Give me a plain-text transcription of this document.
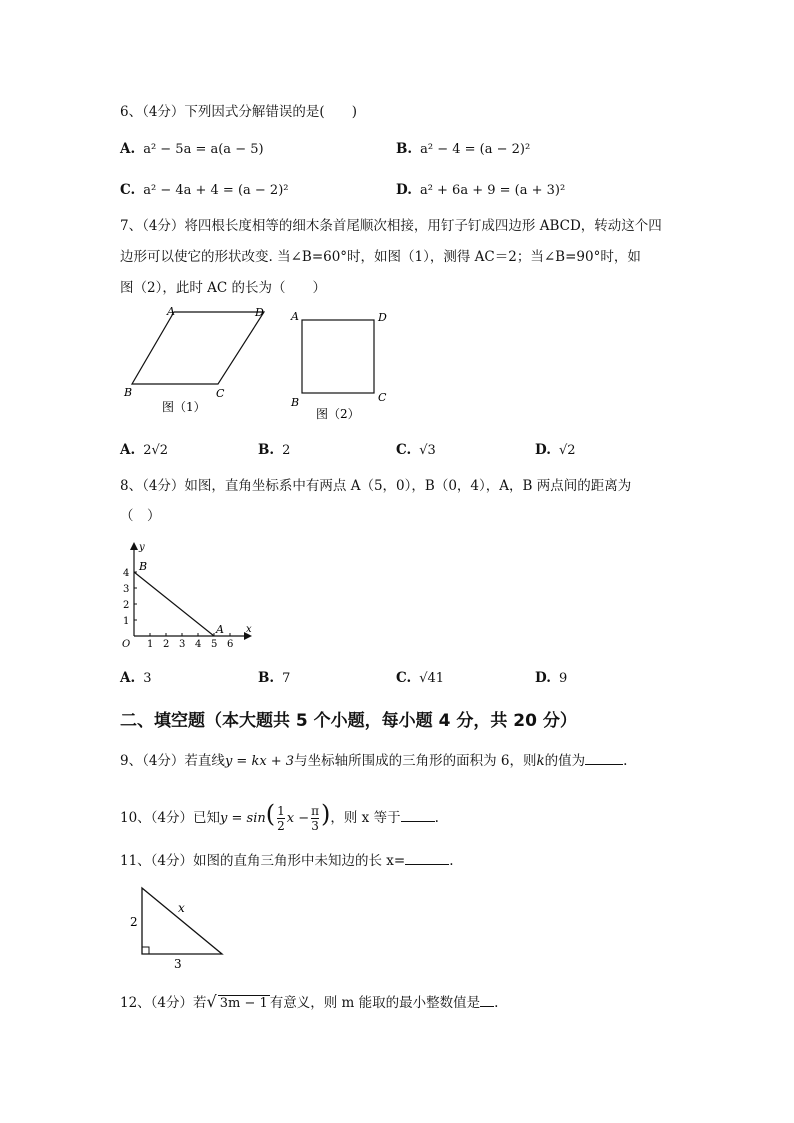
6、（4分）下列因式分解错误的是(　　)
A. a² − 5a = a(a − 5)	B. a² − 4 = (a − 2)²
C. a² − 4a + 4 = (a − 2)²	D. a² + 6a + 9 = (a + 3)²
7、（4分）将四根长度相等的细木条首尾顺次相接，用钉子钉成四边形 ABCD，转动这个四
边形可以使它的形状改变. 当∠B=60°时，如图（1），测得 AC＝2；当∠B=90°时，如
图（2），此时 AC 的长为（　　）
A	D
B	C
图（1）
A	D
B	C
图（2）
A. 2√2	B. 2	C. √3	D. √2
8、（4分）如图，直角坐标系中有两点 A（5，0），B（0，4），A，B 两点间的距离为
（　）
x
y
O 1 2 3 4 5 6
1
2
3
4
B
A
A. 3	B. 7	C. √41	D. 9
二、填空题（本大题共 5 个小题，每小题 4 分，共 20 分）
9、（4分）若直线y = kx + 3与坐标轴所围成的三角形的面积为 6，则k的值为	.
10、（4分）已知$y = \sin( \frac{1}{2}$ $x - \frac{\pi}{3}$ )，则 x 等于	.
11、（4分）如图的直角三角形中未知边的长 x=	.
2
3
x
12、（4分）若√ 3m − 1 有意义，则 m 能取的最小整数值是 .
